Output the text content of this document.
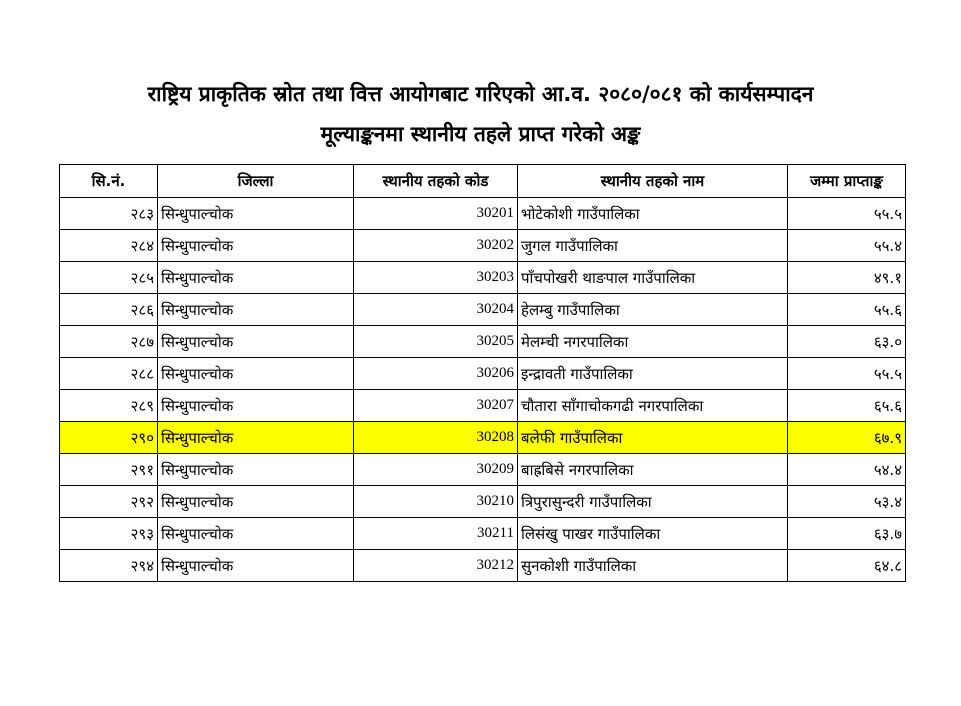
राष्ट्रिय प्राकृतिक स्रोत तथा वित्त आयोगबाट गरिएको आ.व. २०८०/०८१ को कार्यसम्पादन
मूल्याङ्कनमा स्थानीय तहले प्राप्त गरेको अङ्क
सि.नं.	जिल्ला	स्थानीय तहको कोड	स्थानीय तहको नाम	जम्मा प्राप्ताङ्क
२८३	सिन्धुपाल्चोक	30201	भोटेकोशी गाउँपालिका	५५.५
२८४	सिन्धुपाल्चोक	30202	जुगल गाउँपालिका	५५.४
२८५	सिन्धुपाल्चोक	30203	पाँचपोखरी थाङपाल गाउँपालिका	४९.१
२८६	सिन्धुपाल्चोक	30204	हेलम्बु गाउँपालिका	५५.६
२८७	सिन्धुपाल्चोक	30205	मेलम्ची नगरपालिका	६३.०
२८८	सिन्धुपाल्चोक	30206	इन्द्रावती गाउँपालिका	५५.५
२८९	सिन्धुपाल्चोक	30207	चौतारा साँगाचोकगढी नगरपालिका	६५.६
२९०	सिन्धुपाल्चोक	30208	बलेफी गाउँपालिका	६७.९
२९१	सिन्धुपाल्चोक	30209	बाह्रबिसे नगरपालिका	५४.४
२९२	सिन्धुपाल्चोक	30210	त्रिपुरासुन्दरी गाउँपालिका	५३.४
२९३	सिन्धुपाल्चोक	30211	लिसंखु पाखर गाउँपालिका	६३.७
२९४	सिन्धुपाल्चोक	30212	सुनकोशी गाउँपालिका	६४.८
